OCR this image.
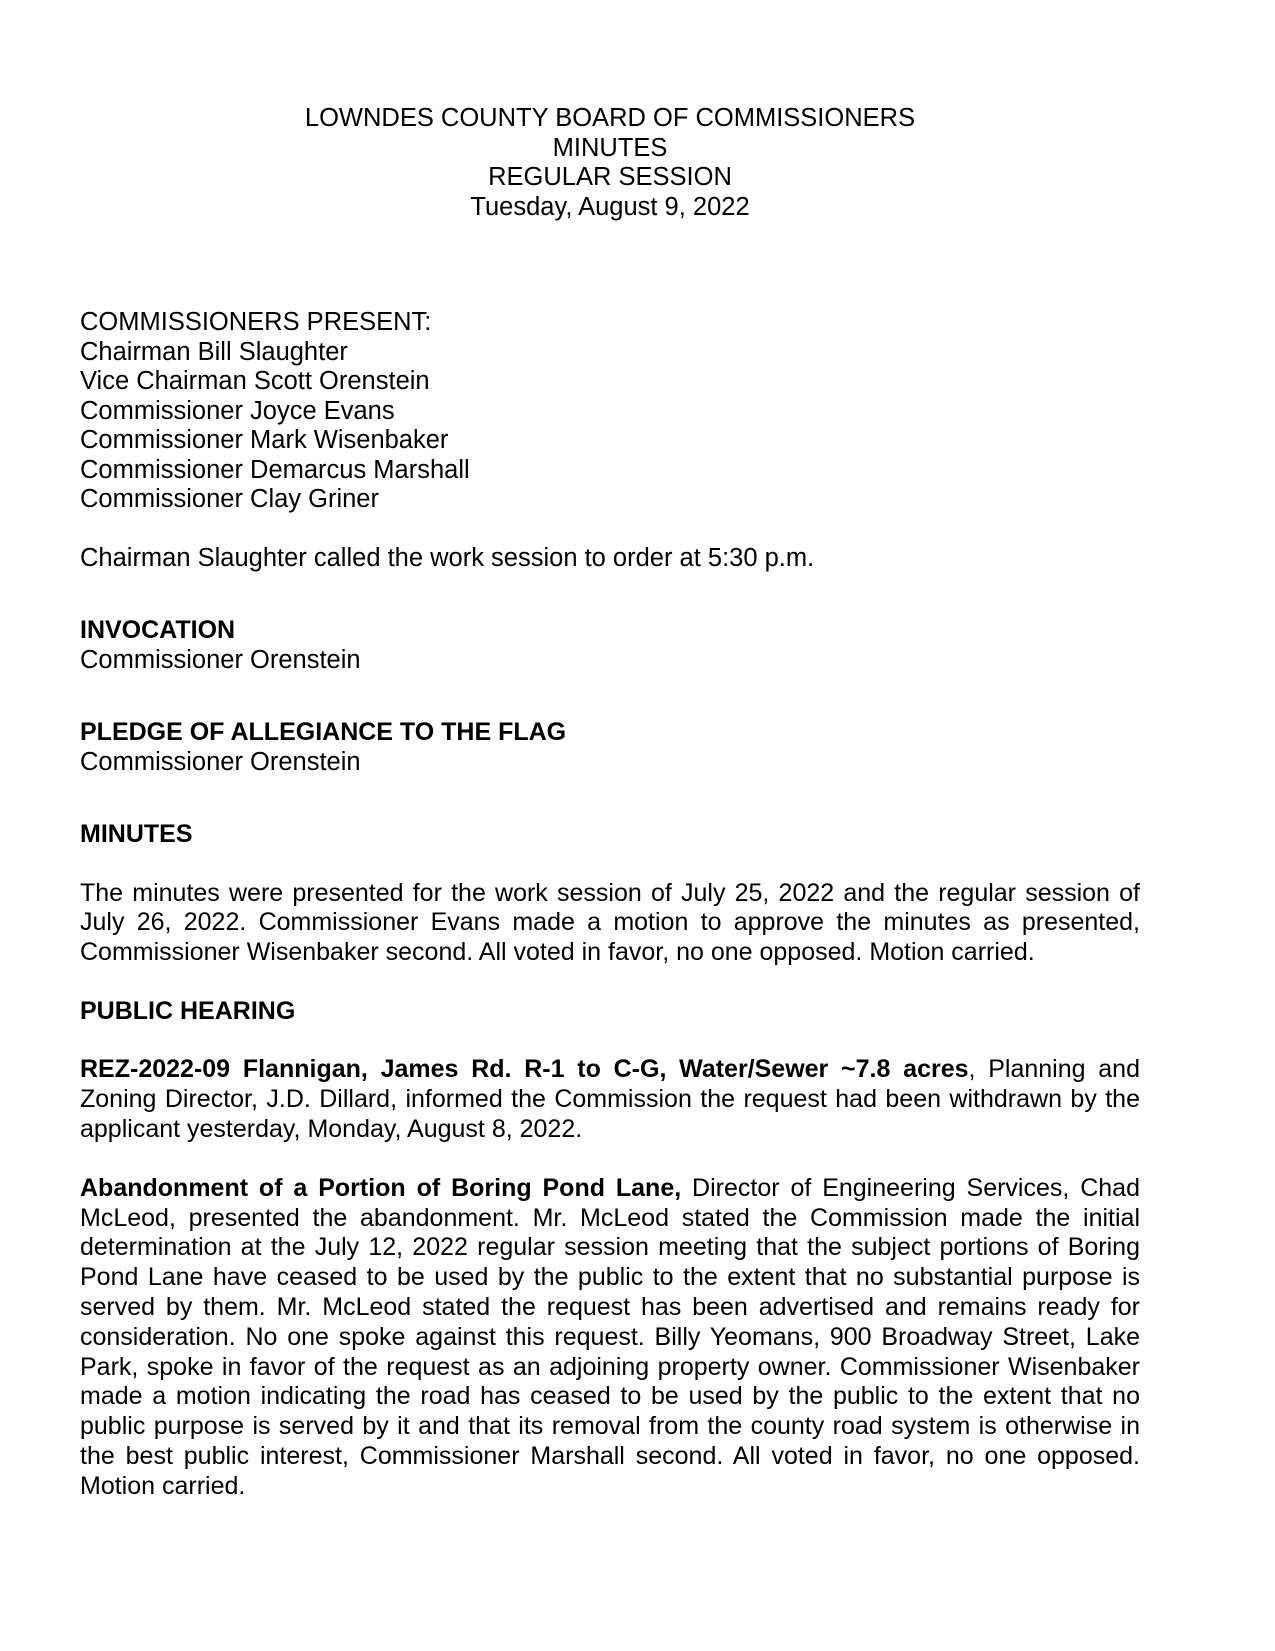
LOWNDES COUNTY BOARD OF COMMISSIONERS
MINUTES
REGULAR SESSION
Tuesday, August 9, 2022
COMMISSIONERS PRESENT:
Chairman Bill Slaughter
Vice Chairman Scott Orenstein
Commissioner Joyce Evans
Commissioner Mark Wisenbaker
Commissioner Demarcus Marshall
Commissioner Clay Griner
Chairman Slaughter called the work session to order at 5:30 p.m.
INVOCATION
Commissioner Orenstein
PLEDGE OF ALLEGIANCE TO THE FLAG
Commissioner Orenstein
MINUTES

The minutes were presented for the work session of July 25, 2022 and the regular session of July 26, 2022. Commissioner Evans made a motion to approve the minutes as presented, Commissioner Wisenbaker second. All voted in favor, no one opposed. Motion carried.

PUBLIC HEARING

REZ-2022-09 Flannigan, James Rd. R-1 to C-G, Water/Sewer ~7.8 acres, Planning and Zoning Director, J.D. Dillard, informed the Commission the request had been withdrawn by the applicant yesterday, Monday, August 8, 2022.

Abandonment of a Portion of Boring Pond Lane, Director of Engineering Services, Chad McLeod, presented the abandonment. Mr. McLeod stated the Commission made the initial determination at the July 12, 2022 regular session meeting that the subject portions of Boring Pond Lane have ceased to be used by the public to the extent that no substantial purpose is served by them. Mr. McLeod stated the request has been advertised and remains ready for consideration. No one spoke against this request. Billy Yeomans, 900 Broadway Street, Lake Park, spoke in favor of the request as an adjoining property owner. Commissioner Wisenbaker made a motion indicating the road has ceased to be used by the public to the extent that no public purpose is served by it and that its removal from the county road system is otherwise in the best public interest, Commissioner Marshall second. All voted in favor, no one opposed. Motion carried.
